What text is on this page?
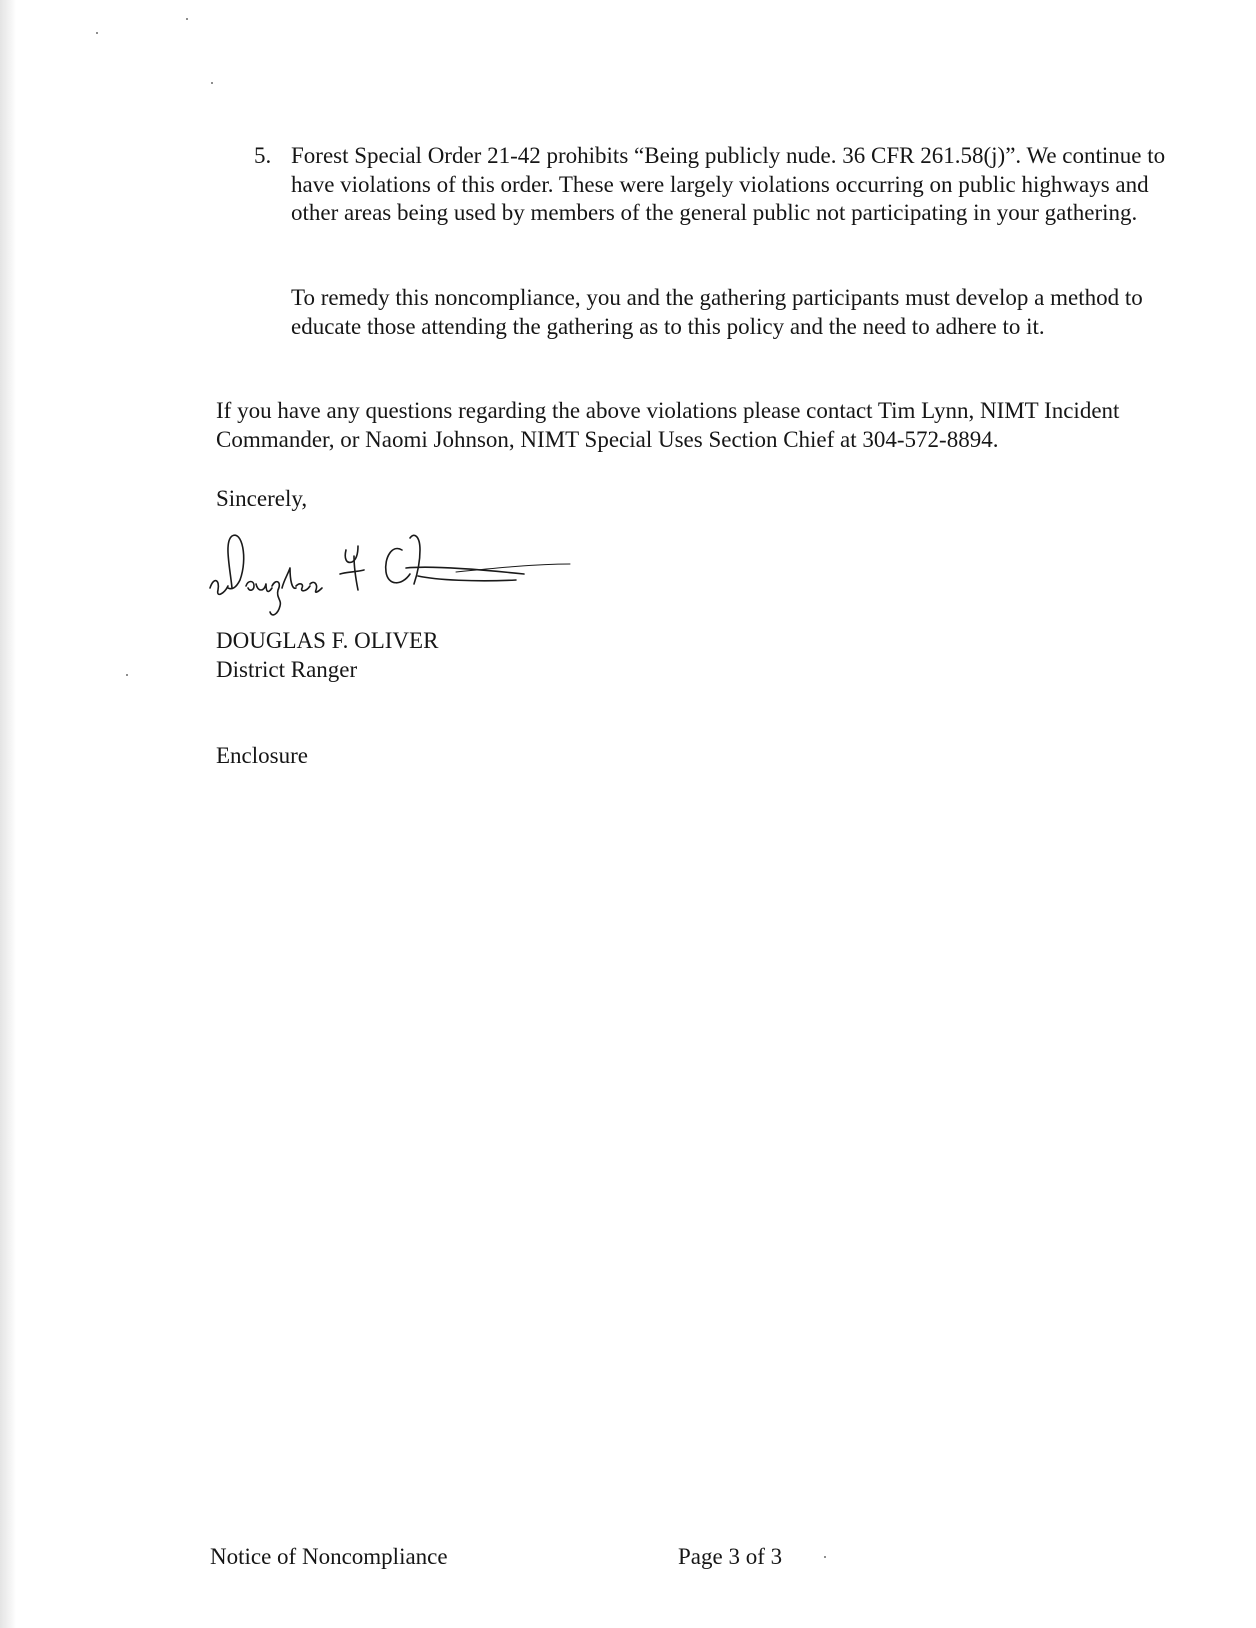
5. Forest Special Order 21-42 prohibits “Being publicly nude. 36 CFR 261.58(j)”. We continue to have violations of this order. These were largely violations occurring on public highways and other areas being used by members of the general public not participating in your gathering.

To remedy this noncompliance, you and the gathering participants must develop a method to educate those attending the gathering as to this policy and the need to adhere to it.

If you have any questions regarding the above violations please contact Tim Lynn, NIMT Incident Commander, or Naomi Johnson, NIMT Special Uses Section Chief at 304-572-8894.

Sincerely,
DOUGLAS F. OLIVER
District Ranger
Enclosure
Notice of Noncompliance	Page 3 of 3
